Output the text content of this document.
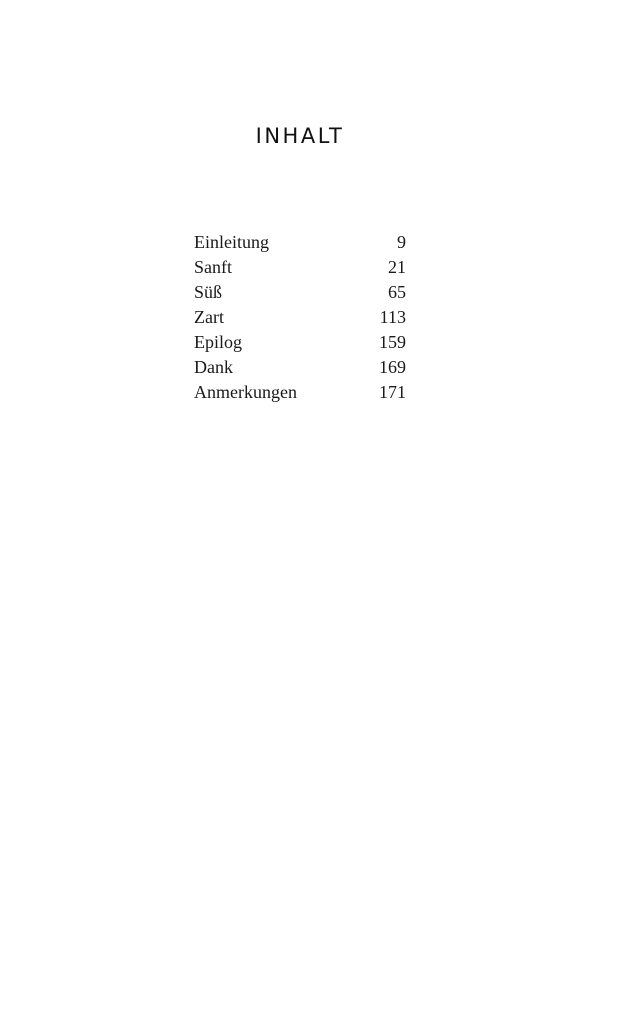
INHALT
Einleitung	9
Sanft	21
Süß	65
Zart	113
Epilog	159
Dank	169
Anmerkungen	171
